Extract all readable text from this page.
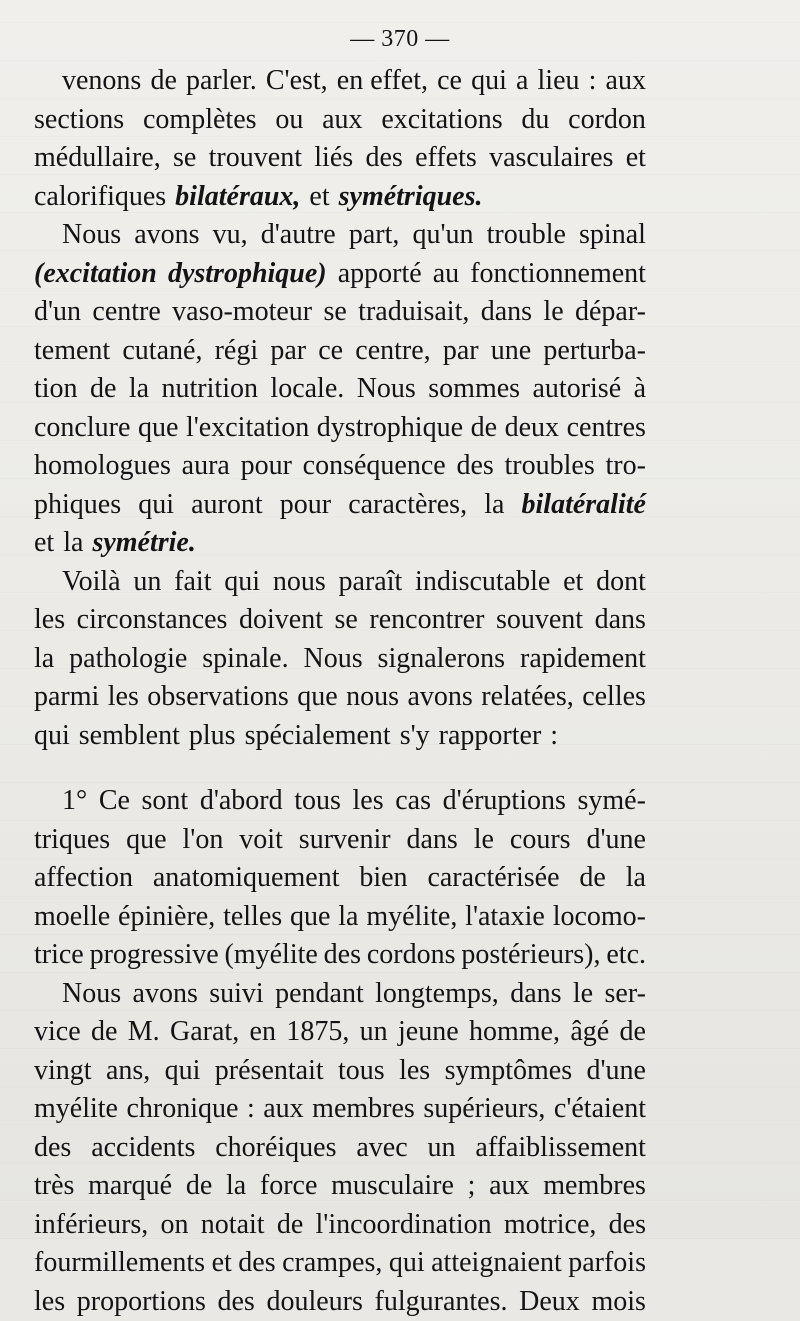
— 370 —
venons de parler. C'est, en effet, ce qui a lieu : aux
sections complètes ou aux excitations du cordon
médullaire, se trouvent liés des effets vasculaires et
calorifiques bilatéraux, et symétriques.
Nous avons vu, d'autre part, qu'un trouble spinal
(excitation dystrophique) apporté au fonctionnement
d'un centre vaso-moteur se traduisait, dans le dépar-
tement cutané, régi par ce centre, par une perturba-
tion de la nutrition locale. Nous sommes autorisé à
conclure que l'excitation dystrophique de deux centres
homologues aura pour conséquence des troubles tro-
phiques qui auront pour caractères, la bilatéralité
et la symétrie.
Voilà un fait qui nous paraît indiscutable et dont
les circonstances doivent se rencontrer souvent dans
la pathologie spinale. Nous signalerons rapidement
parmi les observations que nous avons relatées, celles
qui semblent plus spécialement s'y rapporter :
1° Ce sont d'abord tous les cas d'éruptions symé-
triques que l'on voit survenir dans le cours d'une
affection anatomiquement bien caractérisée de la
moelle épinière, telles que la myélite, l'ataxie locomo-
trice progressive (myélite des cordons postérieurs), etc.
Nous avons suivi pendant longtemps, dans le ser-
vice de M. Garat, en 1875, un jeune homme, âgé de
vingt ans, qui présentait tous les symptômes d'une
myélite chronique : aux membres supérieurs, c'étaient
des accidents choréiques avec un affaiblissement
très marqué de la force musculaire ; aux membres
inférieurs, on notait de l'incoordination motrice, des
fourmillements et des crampes, qui atteignaient parfois
les proportions des douleurs fulgurantes. Deux mois
